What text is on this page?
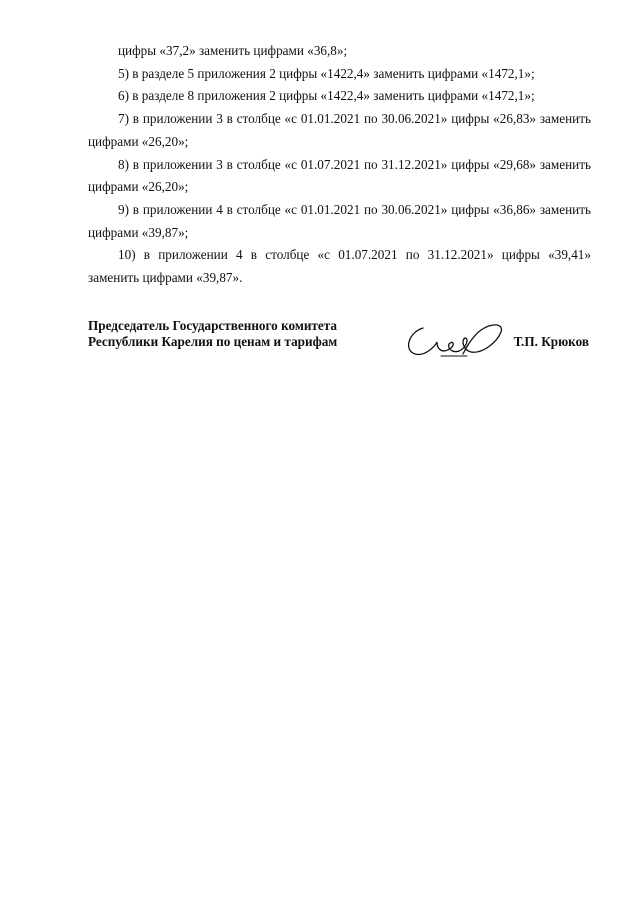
цифры «37,2» заменить цифрами «36,8»;

5) в разделе 5 приложения 2 цифры «1422,4» заменить цифрами «1472,1»;

6) в разделе 8 приложения 2 цифры «1422,4» заменить цифрами «1472,1»;

7) в приложении 3 в столбце «с 01.01.2021 по 30.06.2021» цифры «26,83» заменить цифрами «26,20»;

8) в приложении 3 в столбце «с 01.07.2021 по 31.12.2021» цифры «29,68» заменить цифрами «26,20»;

9) в приложении 4 в столбце «с 01.01.2021 по 30.06.2021» цифры «36,86» заменить цифрами «39,87»;

10) в приложении 4 в столбце «с 01.07.2021 по 31.12.2021» цифры «39,41» заменить цифрами «39,87».

Председатель Государственного комитета
Республики Карелия по ценам и тарифам	Т.П. Крюков
